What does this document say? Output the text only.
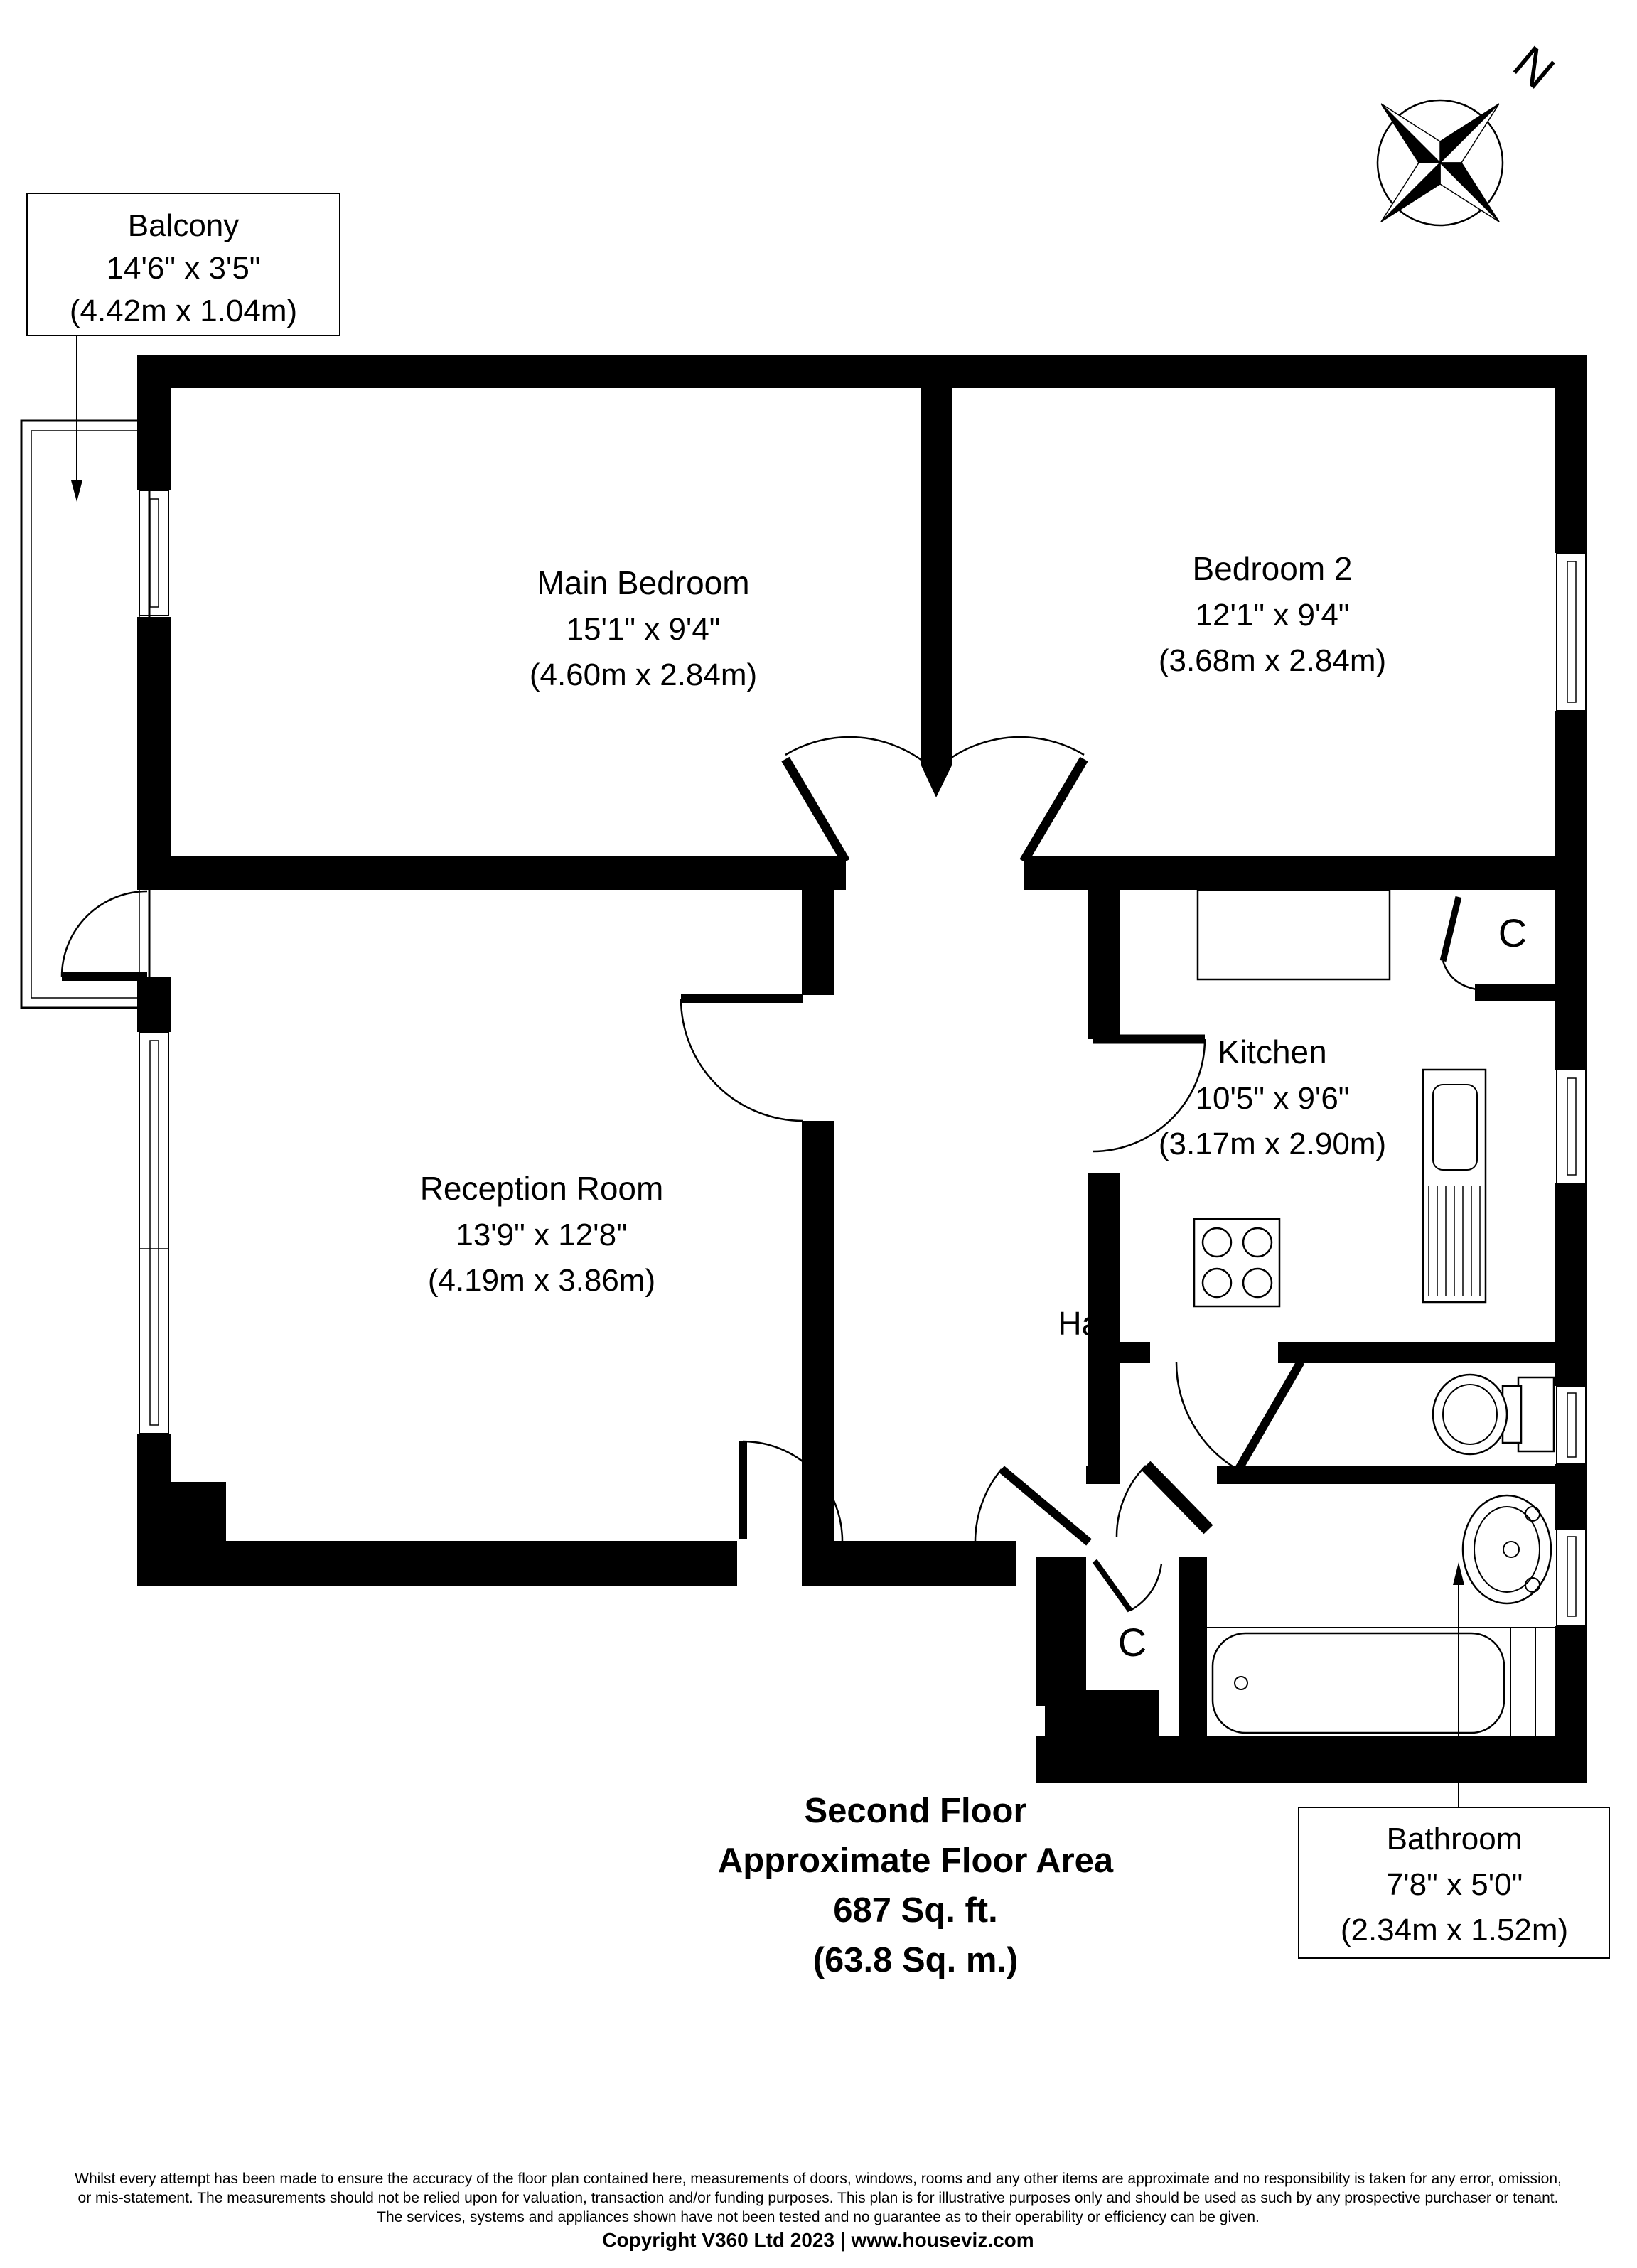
N
Balcony
14'6" x 3'5"
(4.42m x 1.04m)
Bathroom
7'8" x 5'0"
(2.34m x 1.52m)
Main Bedroom
15'1" x 9'4"
(4.60m x 2.84m)
Bedroom 2
12'1" x 9'4"
(3.68m x 2.84m)
Reception Room
13'9" x 12'8"
(4.19m x 3.86m)
Kitchen
10'5" x 9'6"
(3.17m x 2.90m)
Hall
C
C
Second Floor
Approximate Floor Area
687 Sq. ft.
(63.8 Sq. m.)
Whilst every attempt has been made to ensure the accuracy of the floor plan contained here, measurements of doors, windows, rooms and any other items are approximate and no responsibility is taken for any error, omission,
or mis-statement. The measurements should not be relied upon for valuation, transaction and/or funding purposes. This plan is for illustrative purposes only and should be used as such by any prospective purchaser or tenant.
The services, systems and appliances shown have not been tested and no guarantee as to their operability or efficiency can be given.
Copyright V360 Ltd 2023 | www.houseviz.com
